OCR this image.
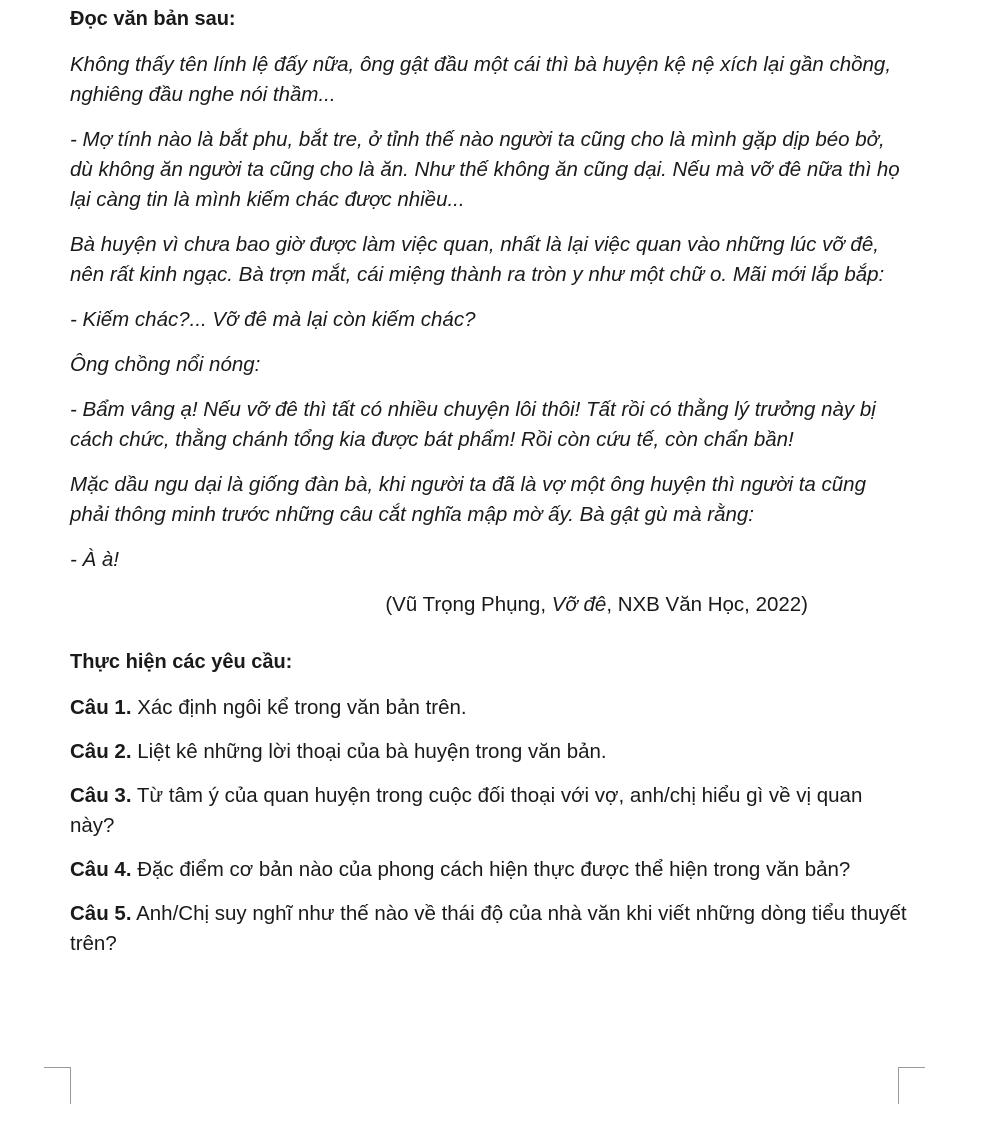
Đọc văn bản sau:
Không thấy tên lính lệ đấy nữa, ông gật đầu một cái thì bà huyện kệ nệ xích lại gần chồng, nghiêng đầu nghe nói thầm...
- Mợ tính nào là bắt phu, bắt tre, ở tỉnh thế nào người ta cũng cho là mình gặp dịp béo bở, dù không ăn người ta cũng cho là ăn. Như thế không ăn cũng dại. Nếu mà vỡ đê nữa thì họ lại càng tin là mình kiếm chác được nhiều...
Bà huyện vì chưa bao giờ được làm việc quan, nhất là lại việc quan vào những lúc vỡ đê, nên rất kinh ngạc. Bà trợn mắt, cái miệng thành ra tròn y như một chữ o. Mãi mới lắp bắp:
- Kiếm chác?... Vỡ đê mà lại còn kiếm chác?
Ông chồng nổi nóng:
- Bẩm vâng ạ! Nếu vỡ đê thì tất có nhiều chuyện lôi thôi! Tất rồi có thằng lý trưởng này bị cách chức, thằng chánh tổng kia được bát phẩm! Rồi còn cứu tế, còn chẩn bần!
Mặc dầu ngu dại là giống đàn bà, khi người ta đã là vợ một ông huyện thì người ta cũng phải thông minh trước những câu cắt nghĩa mập mờ ấy. Bà gật gù mà rằng:
- À à!
(Vũ Trọng Phụng, Vỡ đê, NXB Văn Học, 2022)
Thực hiện các yêu cầu:
Câu 1. Xác định ngôi kể trong văn bản trên.
Câu 2. Liệt kê những lời thoại của bà huyện trong văn bản.
Câu 3. Từ tâm ý của quan huyện trong cuộc đối thoại với vợ, anh/chị hiểu gì về vị quan này?
Câu 4. Đặc điểm cơ bản nào của phong cách hiện thực được thể hiện trong văn bản?
Câu 5. Anh/Chị suy nghĩ như thế nào về thái độ của nhà văn khi viết những dòng tiểu thuyết trên?
